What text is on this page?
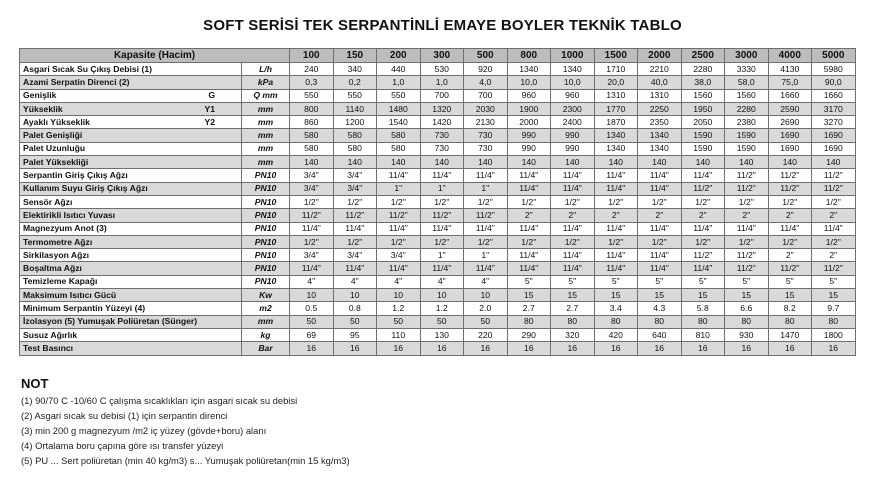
SOFT SERİSİ TEK SERPANTİNLİ EMAYE BOYLER TEKNİK TABLO
Kapasite (Hacim)		100	150	200	300	500	800	1000	1500	2000	2500	3000	4000	5000

Asgari Sıcak Su Çıkış Debisi (1)	L/h	240	340	440	530	920	1340	1340	1710	2210	2280	3330	4130	5980

Azami Serpatin Direnci (2)	kPa	0,3	0,2	1,0	1,0	4,0	10,0	10,0	20,0	40,0	38,0	58,0	75,0	90,0

Genişlik G	Q mm	550	550	550	700	700	960	960	1310	1310	1560	1560	1660	1660

Yükseklik Y1	mm	800	1140	1480	1320	2030	1900	2300	1770	2250	1950	2280	2590	3170

Ayaklı Yükseklik Y2	mm	860	1200	1540	1420	2130	2000	2400	1870	2350	2050	2380	2690	3270

Palet Genişliği	mm	580	580	580	730	730	990	990	1340	1340	1590	1590	1690	1690

Palet Uzunluğu	mm	580	580	580	730	730	990	990	1340	1340	1590	1590	1690	1690

Palet Yüksekliği	mm	140	140	140	140	140	140	140	140	140	140	140	140	140

Serpantin Giriş Çıkış Ağzı	PN10	3/4"	3/4"	11/4"	11/4"	11/4"	11/4"	11/4"	11/4"	11/4"	11/4"	11/2"	11/2"	11/2"

Kullanım Suyu Giriş Çıkış Ağzı	PN10	3/4"	3/4"	1"	1"	1"	11/4"	11/4"	11/4"	11/4"	11/2"	11/2"	11/2"	11/2"

Sensör Ağzı	PN10	1/2"	1/2"	1/2"	1/2"	1/2"	1/2"	1/2"	1/2"	1/2"	1/2"	1/2"	1/2"	1/2"

Elektirikli Isıtıcı Yuvası	PN10	11/2"	11/2"	11/2"	11/2"	11/2"	2"	2"	2"	2"	2"	2"	2"	2"

Magnezyum Anot (3)	PN10	11/4"	11/4"	11/4"	11/4"	11/4"	11/4"	11/4"	11/4"	11/4"	11/4"	11/4"	11/4"	11/4"

Termometre Ağzı	PN10	1/2"	1/2"	1/2"	1/2"	1/2"	1/2"	1/2"	1/2"	1/2"	1/2"	1/2"	1/2"	1/2"

Sirkilasyon Ağzı	PN10	3/4"	3/4"	3/4"	1"	1"	11/4"	11/4"	11/4"	11/4"	11/2"	11/2"	2"	2"

Boşaltma Ağzı	PN10	11/4"	11/4"	11/4"	11/4"	11/4"	11/4"	11/4"	11/4"	11/4"	11/4"	11/2"	11/2"	11/2"

Temizleme Kapağı	PN10	4"	4"	4"	4"	4"	5"	5"	5"	5"	5"	5"	5"	5"

Maksimum Isıtıcı Gücü	Kw	10	10	10	10	10	15	15	15	15	15	15	15	15

Minimum Serpantin Yüzeyi (4)	m2	0.5	0.8	1.2	1.2	2.0	2.7	2.7	3.4	4.3	5.8	6.6	8.2	9.7

İzolasyon (5) Yumuşak Poliüretan (Sünger)	mm	50	50	50	50	50	80	80	80	80	80	80	80	80

Susuz Ağırlık	kg	69	95	110	130	220	290	320	420	640	810	930	1470	1800

Test Basıncı	Bar	16	16	16	16	16	16	16	16	16	16	16	16	16
NOT
(1) 90/70 C -10/60 C çalışma sıcaklıkları için asgari sıcak su debisi
(2) Asgari sıcak su debisi (1) için serpantin direnci
(3) min 200 g magnezyum /m2 iç yüzey (gövde+boru) alanı
(4) Ortalama boru çapına göre ısı transfer yüzeyi
(5) PU ... Sert poliüretan (min 40 kg/m3) s... Yumuşak poliüretan(min 15 kg/m3)
